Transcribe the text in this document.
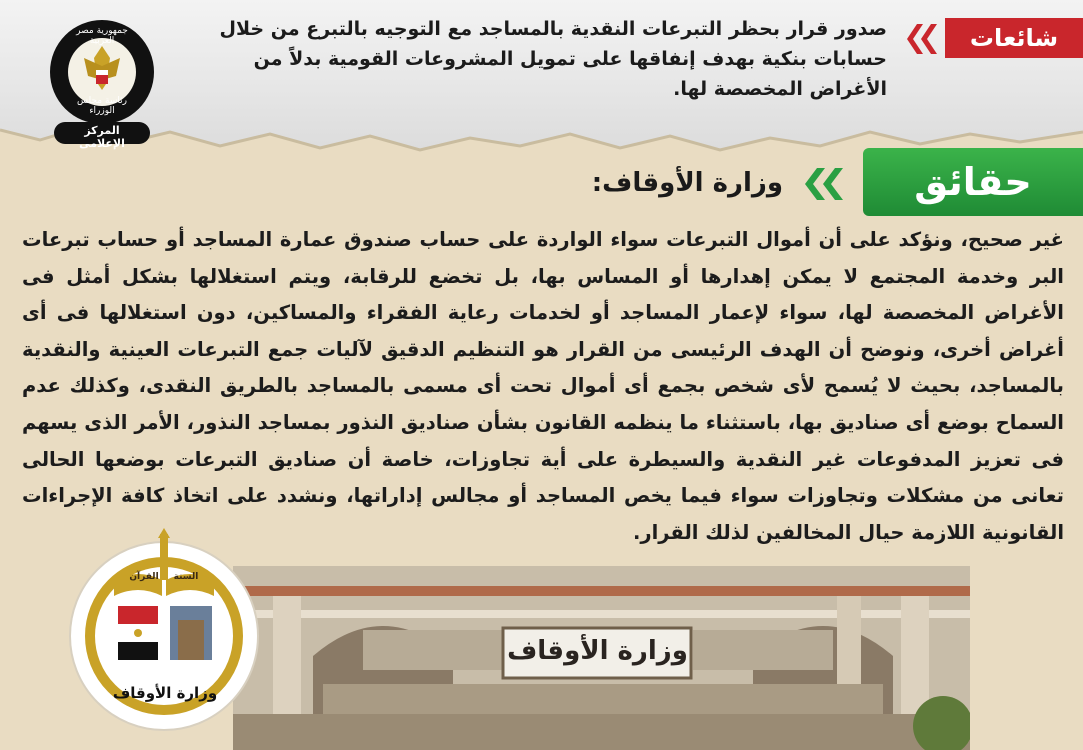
شائعات
صدور قرار بحظر التبرعات النقدية بالمساجد مع التوجيه بالتبرع من خلال حسابات بنكية بهدف إنفاقها على تمويل المشروعات القومية بدلاً من الأغراض المخصصة لها.
المركز الإعلامى
جمهورية مصر العربية
رئاسة مجلس الوزراء
حقائق
وزارة الأوقاف:
غير صحيح، ونؤكد على أن أموال التبرعات سواء الواردة على حساب صندوق عمارة المساجد أو حساب تبرعات البر وخدمة المجتمع لا يمكن إهدارها أو المساس بها، بل تخضع للرقابة، ويتم استغلالها بشكل أمثل فى الأغراض المخصصة لها، سواء لإعمار المساجد أو لخدمات رعاية الفقراء والمساكين، دون استغلالها فى أى أغراض أخرى، ونوضح أن الهدف الرئيسى من القرار هو التنظيم الدقيق لآليات جمع التبرعات العينية والنقدية بالمساجد، بحيث لا يُسمح لأى شخص بجمع أى أموال تحت أى مسمى بالمساجد بالطريق النقدى، وكذلك عدم السماح بوضع أى صناديق بها، باستثناء ما ينظمه القانون بشأن صناديق النذور بمساجد النذور، الأمر الذى يسهم فى تعزيز المدفوعات غير النقدية والسيطرة على أية تجاوزات، خاصة أن صناديق التبرعات بوضعها الحالى تعانى من مشكلات وتجاوزات سواء فيما يخص المساجد أو مجالس إداراتها، ونشدد على اتخاذ كافة الإجراءات القانونية اللازمة حيال المخالفين لذلك القرار.
وزارة الأوقاف
وزارة الأوقاف
القرآن	السنة
